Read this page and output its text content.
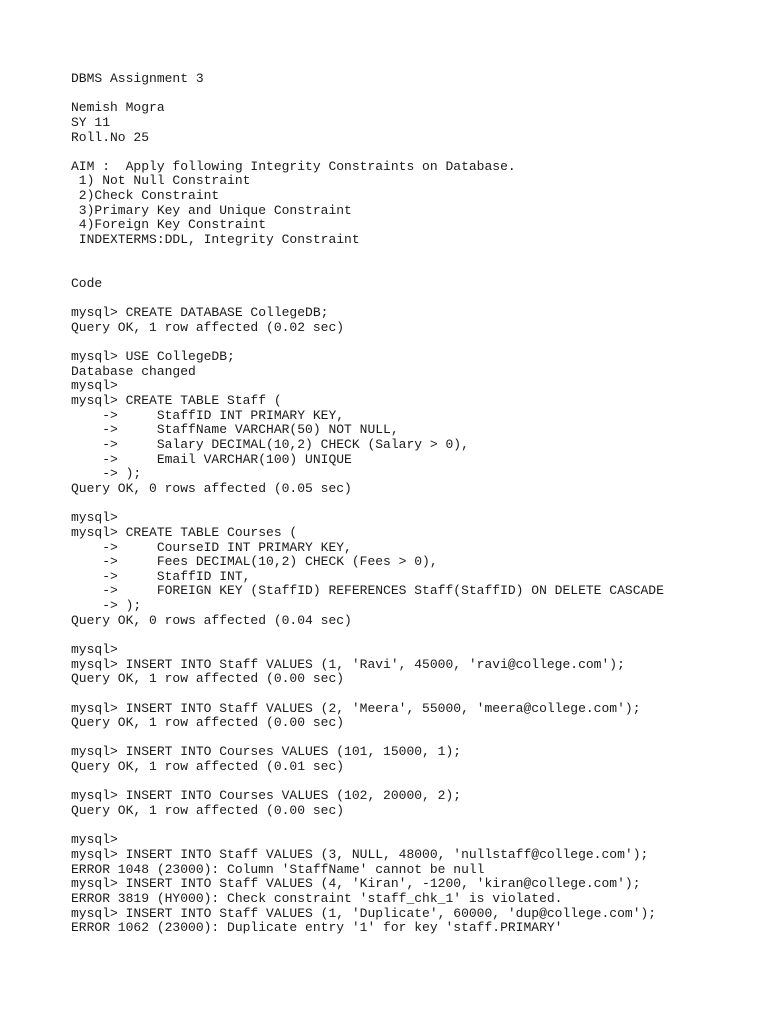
DBMS Assignment 3
Nemish Mogra
SY 11
Roll.No 25
AIM :  Apply following Integrity Constraints on Database.
1) Not Null Constraint
2)Check Constraint
3)Primary Key and Unique Constraint
4)Foreign Key Constraint
INDEXTERMS:DDL, Integrity Constraint
Code
mysql> CREATE DATABASE CollegeDB;
Query OK, 1 row affected (0.02 sec)
mysql> USE CollegeDB;
Database changed
mysql>
mysql> CREATE TABLE Staff (
->     StaffID INT PRIMARY KEY,
->     StaffName VARCHAR(50) NOT NULL,
->     Salary DECIMAL(10,2) CHECK (Salary > 0),
->     Email VARCHAR(100) UNIQUE
-> );
Query OK, 0 rows affected (0.05 sec)
mysql>
mysql> CREATE TABLE Courses (
->     CourseID INT PRIMARY KEY,
->     Fees DECIMAL(10,2) CHECK (Fees > 0),
->     StaffID INT,
->     FOREIGN KEY (StaffID) REFERENCES Staff(StaffID) ON DELETE CASCADE
-> );
Query OK, 0 rows affected (0.04 sec)
mysql>
mysql> INSERT INTO Staff VALUES (1, 'Ravi', 45000, 'ravi@college.com');
Query OK, 1 row affected (0.00 sec)
mysql> INSERT INTO Staff VALUES (2, 'Meera', 55000, 'meera@college.com');
Query OK, 1 row affected (0.00 sec)
mysql> INSERT INTO Courses VALUES (101, 15000, 1);
Query OK, 1 row affected (0.01 sec)
mysql> INSERT INTO Courses VALUES (102, 20000, 2);
Query OK, 1 row affected (0.00 sec)
mysql>
mysql> INSERT INTO Staff VALUES (3, NULL, 48000, 'nullstaff@college.com');
ERROR 1048 (23000): Column 'StaffName' cannot be null
mysql> INSERT INTO Staff VALUES (4, 'Kiran', -1200, 'kiran@college.com');
ERROR 3819 (HY000): Check constraint 'staff_chk_1' is violated.
mysql> INSERT INTO Staff VALUES (1, 'Duplicate', 60000, 'dup@college.com');
ERROR 1062 (23000): Duplicate entry '1' for key 'staff.PRIMARY'
